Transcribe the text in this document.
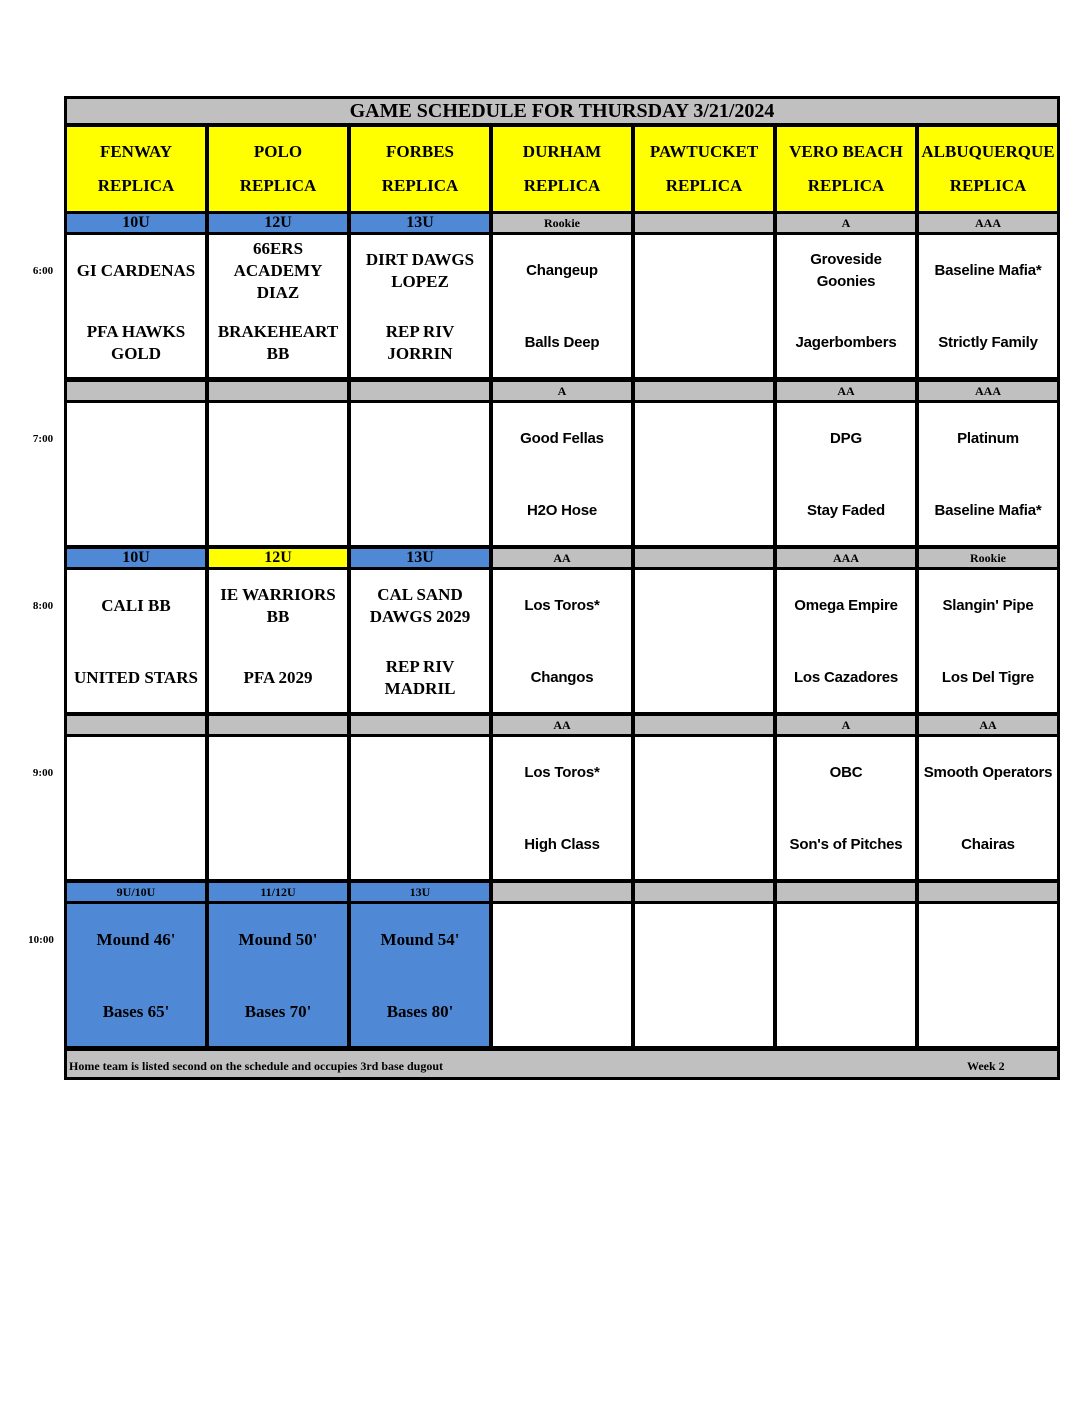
GAME SCHEDULE FOR THURSDAY 3/21/2024
FENWAY
REPLICA
POLO
REPLICA
FORBES
REPLICA
DURHAM
REPLICA
PAWTUCKET
REPLICA
VERO BEACH
REPLICA
ALBUQUERQUE
REPLICA
10U
GI CARDENAS
PFA HAWKS GOLD
12U
66ERS ACADEMY DIAZ
BRAKEHEART BB
13U
DIRT DAWGS LOPEZ
REP RIV JORRIN
Rookie
Changeup
Balls Deep
A
Groveside Goonies
Jagerbombers
AAA
Baseline Mafia*
Strictly Family
A
Good Fellas
H2O Hose
AA
DPG
Stay Faded
AAA
Platinum
Baseline Mafia*
10U
CALI BB
UNITED STARS
12U
IE WARRIORS BB
PFA 2029
13U
CAL SAND DAWGS 2029
REP RIV MADRIL
AA
Los Toros*
Changos
AAA
Omega Empire
Los Cazadores
Rookie
Slangin' Pipe
Los Del Tigre
AA
Los Toros*
High Class
A
OBC
Son's of Pitches
AA
Smooth Operators
Chairas
9U/10U
Mound 46'
Bases 65'
11/12U
Mound 50'
Bases 70'
13U
Mound 54'
Bases 80'
Home team is listed second on the schedule and occupies 3rd base dugout	Week 2
6:00
7:00
8:00
9:00
10:00
